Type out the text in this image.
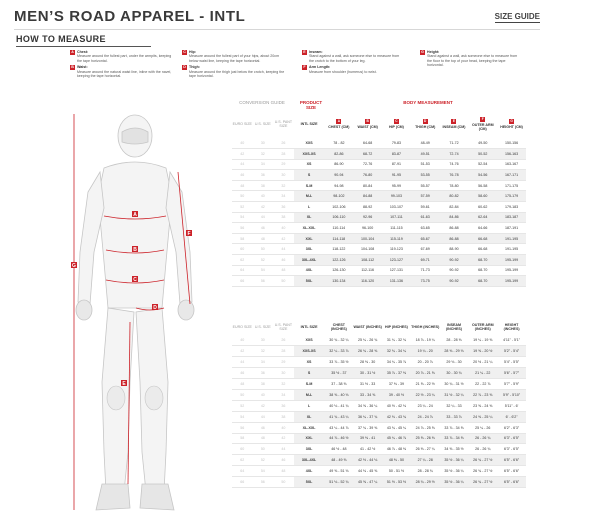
MEN’S ROAD APPAREL - INTL	SIZE GUIDE
HOW TO MEASURE
A Chest:
Measure around the fullest part, under the armpits, keeping the tape horizontal.
B Waist:
Measure around the natural waist line, inline with the navel, keeping the tape horizontal.
C Hip:
Measure around the fullest part of your hips, about 20cm below waist line, keeping the tape horizontal.
D Thigh:
Measure around the thigh just below the crotch, keeping the tape horizontal.
E Inseam:
Stand against a wall, ask someone else to measure from the crotch to the bottom of your leg.
F Arm Length:
Measure from shoulder (humerus) to wrist.
G Height:
Stand against a wall, ask someone else to measure from the floor to the top of your head, keeping the tape horizontal.
A
B
C
D
E
F
G
CONVERSION GUIDE	PRODUCT SIZE
BODY MEASUREMENT
EURO SIZE	U.S. SIZE	U.S. PANT SIZE	INTL SIZE	A
CHEST (CM)	B
WAIST (CM)	C
HIP (CM)	D
THIGH (CM)	E
INSEAM (CM)	F
OUTER ARM (CM)	G
HEIGHT (CM)
40	30	26	XXS	78 - 82	64-68	79-83	48-49	71-72	49-50	150-156
42	32	28	XXS-XS	82-86	68-72	83-87	49-51	72-74	50-52	156-163
44	34	29	XS	86-90	72-76	87-91	51-53	74-76	52-54	163-167
46	36	30	S	90-94	76-80	91-95	53-55	76-78	54-56	167-171
48	38	32	S-M	94-98	80-84	95-99	55-57	78-80	56-58	171-175
50	40	34	M-L	98-102	84-88	99-103	57-59	80-82	58-60	175-179
52	42	36	L	102-106	88-92	103-107	59-61	82-84	60-62	179-183
54	44	38	XL	106-110	92-96	107-111	61-63	84-86	62-64	183-187
56	46	40	XL-XXL	110-114	96-100	111-115	63-65	86-88	64-66	187-191
58	48	42	XXL	114-118	100-104	115-119	65-67	86-88	66-68	191-195
60	50	44	3XL	118-122	104-108	119-123	67-69	88-90	66-68	191-195
62	52	46	3XL-4XL	122-126	108-112	123-127	69-71	90-92	68-70	195-199
64	54	48	4XL	126-130	112-116	127-131	71-73	90-92	68-70	195-199
66	56	50	5XL	130-134	116-120	131-136	73-75	90-92	68-70	195-199
EURO SIZE	U.S. SIZE	U.S. PANT SIZE	INTL SIZE	CHEST (INCHES)	WAIST (INCHES)	HIP (INCHES)	THIGH (INCHES)	INSEAM (INCHES)	OUTER ARM (INCHES)	HEIGHT (INCHES)
40	30	26	XXS	30 ¾ - 32 ¼	25 ¼ - 26 ¾	31 ¼ - 32 ¾	18 ⅞ - 19 ¼	28 - 28 ⅜	19 ¼ - 19 ⅝	4'11" - 5'1"
42	32	28	XXS-XS	32 ¼ - 33 ⅞	26 ¾ - 28 ⅜	32 ¾ - 34 ¼	19 ¼ - 20	28 ⅜ - 29 ⅛	19 ⅝ - 20 ½	5'2" - 5'4"
44	34	29	XS	33 ⅞ - 35 ½	28 ⅜ - 30	34 ¼ - 35 ⅞	20 - 20 ⅞	29 ⅛ - 30	20 ½ - 21 ¼	5'4" - 5'5"
46	36	30	S	35 ½ - 37	30 - 31 ½	35 ⅞ - 37 ⅜	20 ⅞ - 21 ⅝	30 - 30 ¾	21 ¼ - 22	5'6" - 5'7"
48	38	32	S-M	37 - 38 ⅝	31 ½ - 33	37 ⅜ - 39	21 ⅝ - 22 ½	30 ¾ - 31 ½	22 - 22 ⅞	5'7" - 5'9"
50	40	34	M-L	38 ⅝ - 40 ⅛	33 - 34 ⅝	39 - 40 ½	22 ½ - 23 ¼	31 ½ - 32 ¼	22 ⅞ - 23 ⅝	5'9" - 5'10"
52	42	36	L	40 ⅛ - 41 ¾	34 ⅝ - 36 ¼	40 ½ - 42 ⅛	23 ¼ - 24	32 ¼ - 33	23 ⅝ - 24 ⅜	5'11" - 6'
54	44	38	XL	41 ¾ - 43 ¼	36 ¼ - 37 ¾	42 ⅛ - 43 ¾	24 - 24 ⅞	33 - 33 ⅞	24 ⅜ - 25 ¼	6' - 6'2"
56	46	40	XL-XXL	43 ¼ - 44 ⅞	37 ¾ - 39 ⅜	43 ¾ - 45 ¼	24 ⅞ - 25 ⅝	33 ⅞ - 34 ⅝	25 ¼ - 26	6'2" - 6'3"
58	48	42	XXL	44 ⅞ - 46 ½	39 ⅜ - 41	45 ¼ - 46 ⅞	25 ⅝ - 26 ⅜	33 ⅞ - 34 ⅝	26 - 26 ¾	6'3" - 6'5"
60	50	44	3XL	46 ½ - 48	41 - 42 ½	46 ⅞ - 48 ⅜	26 ⅜ - 27 ¼	34 ⅝ - 35 ½	26 - 26 ¾	6'3" - 6'5"
62	52	46	3XL-4XL	48 - 49 ⅝	42 ½ - 44 ⅛	48 ⅜ - 50	27 ¼ - 28	35 ½ - 36 ¼	26 ¾ - 27 ½	6'5" - 6'6"
64	54	48	4XL	49 ⅝ - 51 ⅛	44 ⅛ - 45 ⅝	50 - 51 ½	28 - 28 ¾	35 ½ - 36 ¼	26 ¾ - 27 ½	6'5" - 6'6"
66	56	50	5XL	51 ⅛ - 52 ¾	45 ⅝ - 47 ¼	51 ½ - 53 ½	28 ¾ - 29 ½	35 ½ - 36 ¼	26 ¾ - 27 ½	6'5" - 6'6"
